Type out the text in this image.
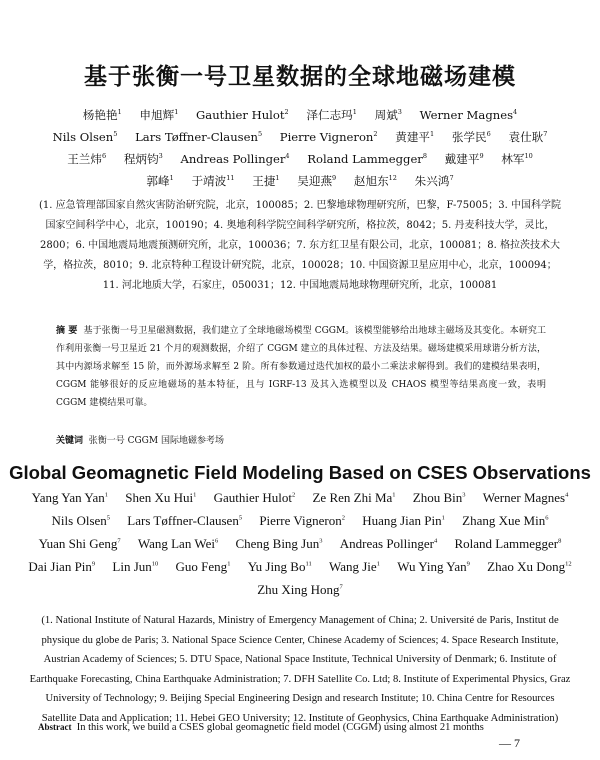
基于张衡一号卫星数据的全球地磁场建模
杨艳艳$^1$ 申旭辉$^1$ Gauthier Hulot$^2$ 泽仁志玛$^1$ 周斌$^3$ Werner Magnes$^4$ Nils Olsen$^5$ Lars Tøffner-Clausen$^5$ Pierre Vigneron$^2$ 黄建平$^1$ 张学民$^6$ 袁仕耿$^7$ 王兰炜$^6$ 程炳钧$^3$ Andreas Pollinger$^4$ Roland Lammegger$^8$ 戴建平$^9$ 林军$^{10}$ 郭峰$^1$ 于靖波$^{11}$ 王捷$^1$ 吴迎燕$^9$ 赵旭东$^{12}$ 朱兴鸿$^7$
(1. 应急管理部国家自然灾害防治研究院，北京，100085；2. 巴黎地球物理研究所，巴黎，F-75005；3. 中国科学院国家空间科学中心，北京，100190；4. 奥地利科学院空间科学研究所，格拉茨，8042；5. 丹麦科技大学，灵比，2800；6. 中国地震局地震预测研究所，北京，100036；7. 东方红卫星有限公司，北京，100081；8. 格拉茨技术大学，格拉茨，8010；9. 北京特种工程设计研究院，北京，100028；10. 中国资源卫星应用中心，北京，100094；11. 河北地质大学，石家庄，050031；12. 中国地震局地球物理研究所，北京，100081
摘 要 基于张衡一号卫星磁测数据，我们建立了全球地磁场模型 CGGM。该模型能够给出地球主磁场及其变化。本研究工作利用张衡一号卫星近 21 个月的观测数据，介绍了 CGGM 建立的具体过程、方法及结果。磁场建模采用球谐分析方法，其中内源场求解至 15 阶，而外源场求解至 2 阶。所有参数通过迭代加权的最小二乘法求解得到。我们的建模结果表明，CGGM 能够很好的反应地磁场的基本特征，且与 IGRF-13 及其入选模型以及 CHAOS 模型等结果高度一致，表明 CGGM 建模结果可靠。
关键词 张衡一号 CGGM 国际地磁参考场
Global Geomagnetic Field Modeling Based on CSES Observations
Yang Yan Yan$^1$ Shen Xu Hui$^1$ Gauthier Hulot$^2$ Ze Ren Zhi Ma$^1$ Zhou Bin$^3$ Werner Magnes$^4$ Nils Olsen$^5$ Lars Tøffner-Clausen$^5$ Pierre Vigneron$^2$ Huang Jian Pin$^1$ Zhang Xue Min$^6$ Yuan Shi Geng$^7$ Wang Lan Wei$^6$ Cheng Bing Jun$^3$ Andreas Pollinger$^4$ Roland Lammegger$^8$ Dai Jian Pin$^9$ Lin Jun$^{10}$ Guo Feng$^1$ Yu Jing Bo$^{11}$ Wang Jie$^1$ Wu Ying Yan$^9$ Zhao Xu Dong$^{12}$ Zhu Xing Hong$^7$
(1. National Institute of Natural Hazards, Ministry of Emergency Management of China; 2. Université de Paris, Institut de physique du globe de Paris; 3. National Space Science Center, Chinese Academy of Sciences; 4. Space Research Institute, Austrian Academy of Sciences; 5. DTU Space, National Space Institute, Technical University of Denmark; 6. Institute of Earthquake Forecasting, China Earthquake Administration; 7. DFH Satellite Co. Ltd; 8. Institute of Experimental Physics, Graz University of Technology; 9. Beijing Special Engineering Design and research Institute; 10. China Centre for Resources Satellite Data and Application; 11. Hebei GEO University; 12. Institute of Geophysics, China Earthquake Administration)
Abstract In this work, we build a CSES global geomagnetic field model (CGGM) using almost 21 months
— 7
